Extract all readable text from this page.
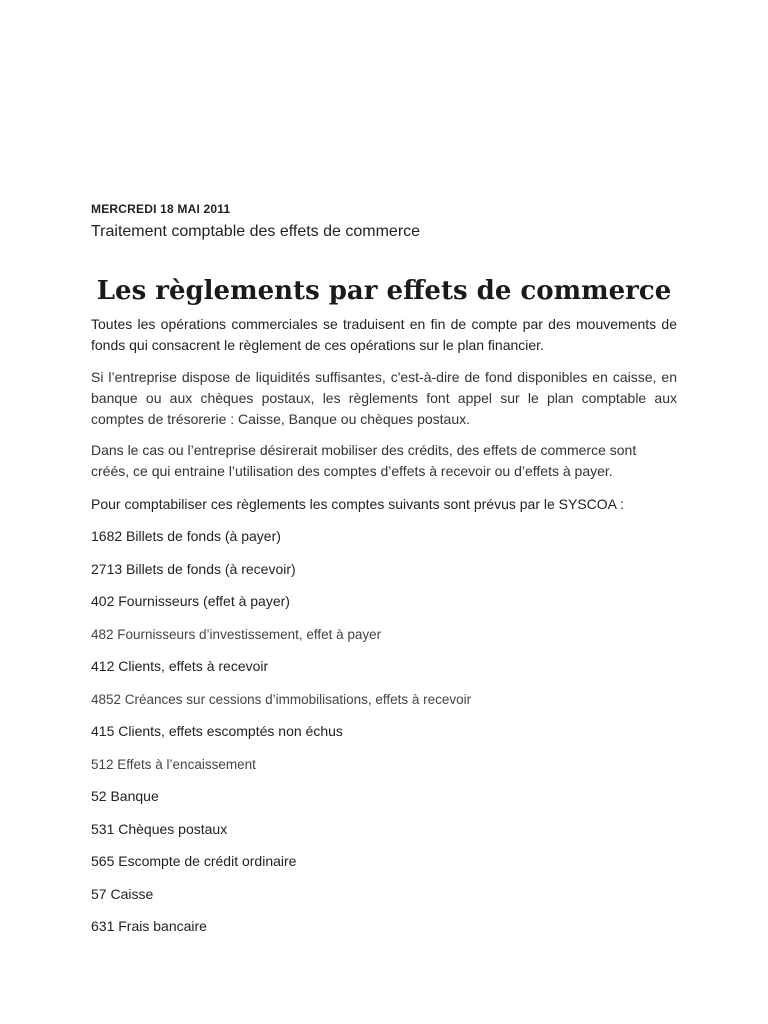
MERCREDI 18 MAI 2011
Traitement comptable des effets de commerce
Les règlements par effets de commerce

Toutes les opérations commerciales se traduisent en fin de compte par des mouvements de fonds qui consacrent le règlement de ces opérations sur le plan financier.

Si l’entreprise dispose de liquidités suffisantes, c'est-à-dire de fond disponibles en caisse, en banque ou aux chèques postaux, les règlements font appel sur le plan comptable aux comptes de trésorerie : Caisse, Banque ou chèques postaux.

Dans le cas ou l’entreprise désirerait mobiliser des crédits, des effets de commerce sont créés, ce qui entraine l’utilisation des comptes d’effets à recevoir ou d’effets à payer.

Pour comptabiliser ces règlements les comptes suivants sont prévus par le SYSCOA :

1682 Billets de fonds (à payer)
2713 Billets de fonds (à recevoir)
402 Fournisseurs (effet à payer)
482 Fournisseurs d’investissement, effet à payer
412 Clients, effets à recevoir
4852 Créances sur cessions d’immobilisations, effets à recevoir
415 Clients, effets escomptés non échus
512 Effets à l’encaissement
52 Banque
531 Chèques postaux
565 Escompte de crédit ordinaire
57 Caisse
631 Frais bancaire
